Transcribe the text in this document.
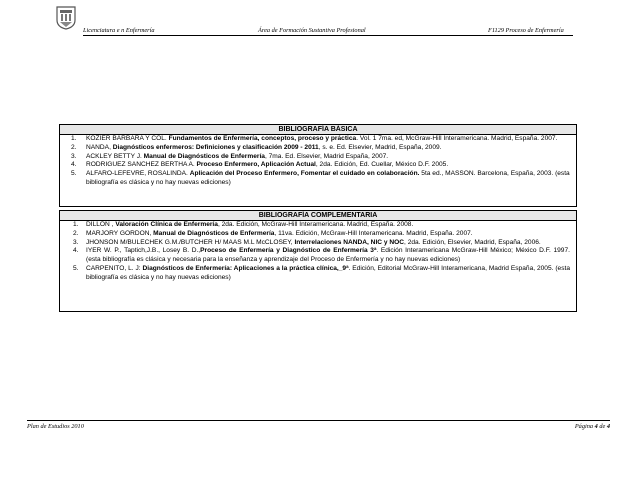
Licenciatura e n Enfermería	Área de Formación Sustantiva Profesional	F1129 Proceso de Enfermería
BIBLIOGRAFÍA BÁSICA
1. KOZIER BARBARA Y COL. Fundamentos de Enfermería, conceptos, proceso y práctica. Vol. 1 7ma. ed, McGraw-Hill Interamericana. Madrid, España. 2007.
2. NANDA, Diagnósticos enfermeros: Definiciones y clasificación 2009 - 2011, s. e. Ed. Elsevier, Madrid, España, 2009.
3. ACKLEY BETTY J. Manual de Diagnósticos de Enfermería, 7ma. Ed. Elsevier, Madrid España, 2007.
4. RODRIGUEZ SANCHEZ BERTHA A. Proceso Enfermero, Aplicación Actual, 2da. Edición, Ed. Cuellar, México D.F. 2005.
5. ALFARO-LEFEVRE, ROSALINDA. Aplicación del Proceso Enfermero, Fomentar el cuidado en colaboración. 5ta ed., MASSON. Barcelona, España, 2003. (esta bibliografía es clásica y no hay nuevas ediciones)
BIBLIOGRAFÍA COMPLEMENTARIA
1. DILLON , Valoración Clínica de Enfermería, 2da. Edición, McGraw-Hill Interamericana. Madrid, España. 2008.
2. MARJORY GORDON, Manual de Diagnósticos de Enfermería, 11va. Edición, McGraw-Hill Interamericana. Madrid, España. 2007.
3. JHONSON M/BULECHEK G.M./BUTCHER H/ MAAS M.L McCLOSEY, Interrelaciones NANDA, NIC y NOC, 2da. Edición, Elsevier, Madrid, España, 2006.
4. IYER W. P., Taptich,J.B., Losey B. D.,Proceso de Enfermería y Diagnóstico de Enfermería 3ª. Edición Interamericana McGraw-Hill México; México D.F. 1997. (esta bibliografía es clásica y necesaria para la enseñanza y aprendizaje del Proceso de Enfermería y no hay nuevas ediciones)
5. CARPENITO, L. J: Diagnósticos de Enfermería: Aplicaciones a la práctica clínica,_9ª. Edición, Editorial McGraw-Hill Interamericana, Madrid España, 2005. (esta bibliografía es clásica y no hay nuevas ediciones)
Plan de Estudios 2010	Página 4 de 4
